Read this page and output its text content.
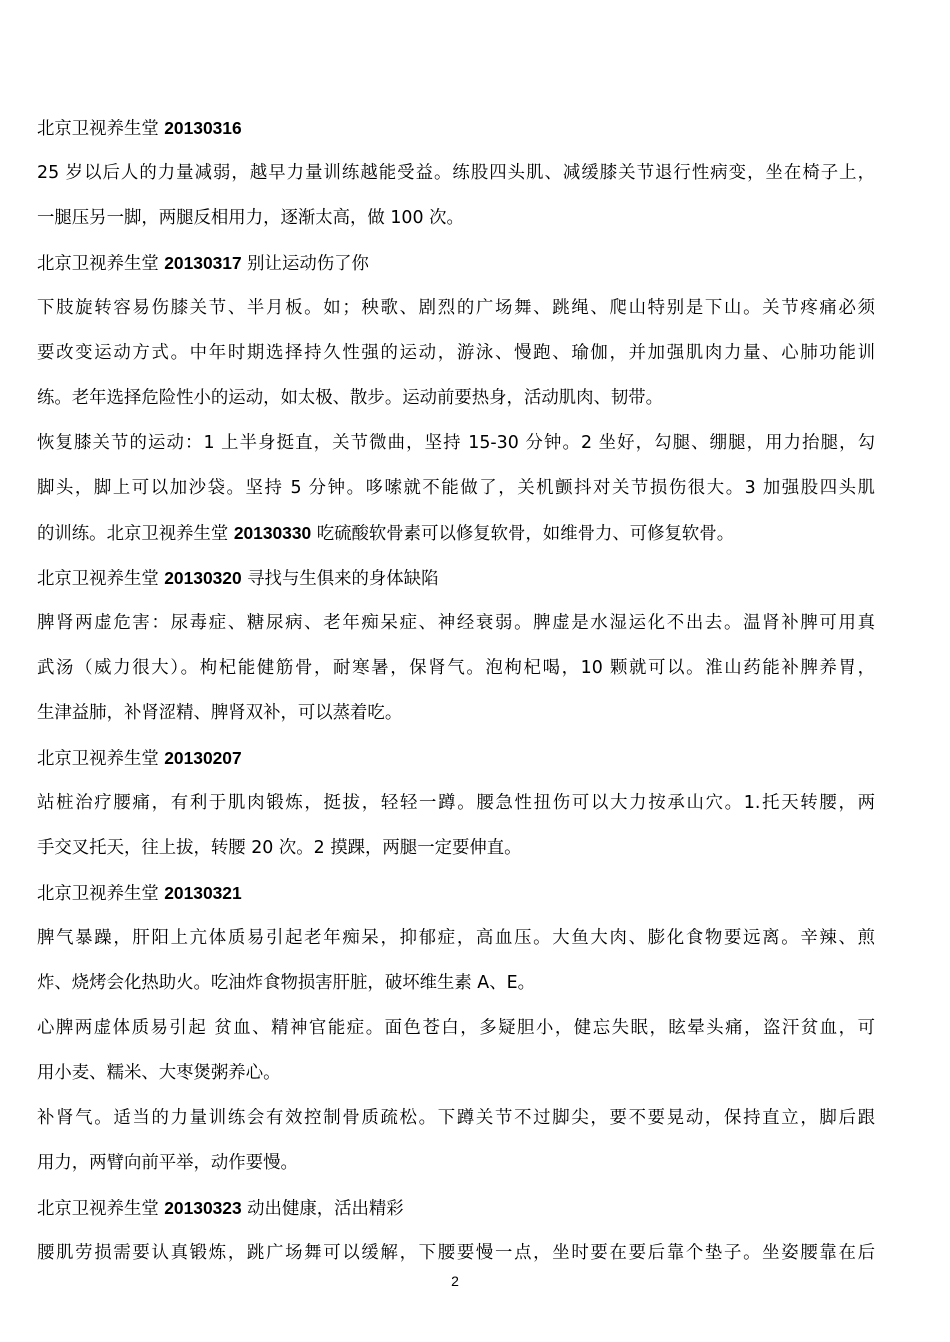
北京卫视养生堂 20130316
25 岁以后人的力量减弱，越早力量训练越能受益。练股四头肌、减缓膝关节退行性病变，坐在椅子上，
一腿压另一脚，两腿反相用力，逐渐太高，做 100 次。
北京卫视养生堂 20130317 别让运动伤了你
下肢旋转容易伤膝关节、半月板。如；秧歌、剧烈的广场舞、跳绳、爬山特别是下山。关节疼痛必须
要改变运动方式。中年时期选择持久性强的运动，游泳、慢跑、瑜伽，并加强肌肉力量、心肺功能训
练。老年选择危险性小的运动，如太极、散步。运动前要热身，活动肌肉、韧带。
恢复膝关节的运动：1 上半身挺直，关节微曲，坚持 15-30 分钟。2 坐好，勾腿、绷腿，用力抬腿，勾
脚头，脚上可以加沙袋。坚持 5 分钟。哆嗦就不能做了，关机颤抖对关节损伤很大。3 加强股四头肌
的训练。北京卫视养生堂 20130330 吃硫酸软骨素可以修复软骨，如维骨力、可修复软骨。
北京卫视养生堂 20130320 寻找与生俱来的身体缺陷
脾肾两虚危害：尿毒症、糖尿病、老年痴呆症、神经衰弱。脾虚是水湿运化不出去。温肾补脾可用真
武汤（威力很大）。枸杞能健筋骨，耐寒暑，保肾气。泡枸杞喝，10 颗就可以。淮山药能补脾养胃，
生津益肺，补肾涩精、脾肾双补，可以蒸着吃。
北京卫视养生堂 20130207
站桩治疗腰痛，有利于肌肉锻炼，挺拔，轻轻一蹲。腰急性扭伤可以大力按承山穴。1.托天转腰，两
手交叉托天，往上拔，转腰 20 次。2 摸踝，两腿一定要伸直。
北京卫视养生堂 20130321
脾气暴躁，肝阳上亢体质易引起老年痴呆，抑郁症，高血压。大鱼大肉、膨化食物要远离。辛辣、煎
炸、烧烤会化热助火。吃油炸食物损害肝脏，破坏维生素 A、E。
心脾两虚体质易引起 贫血、精神官能症。面色苍白，多疑胆小，健忘失眠，眩晕头痛，盗汗贫血，可
用小麦、糯米、大枣煲粥养心。
补肾气。适当的力量训练会有效控制骨质疏松。下蹲关节不过脚尖，要不要晃动，保持直立，脚后跟
用力，两臂向前平举，动作要慢。
北京卫视养生堂 20130323 动出健康，活出精彩
腰肌劳损需要认真锻炼，跳广场舞可以缓解，下腰要慢一点，坐时要在要后靠个垫子。坐姿腰靠在后
2
